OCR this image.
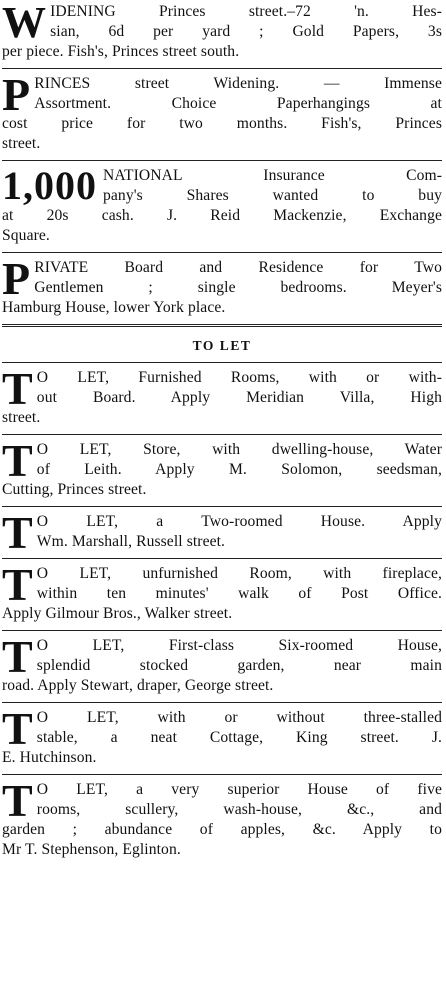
W IDENING Princes street.–72 'n. Hes-
sian, 6d per yard ; Gold Papers, 3s
per piece. Fish's, Princes street south.
P RINCES street Widening. — Immense
Assortment. Choice Paperhangings at
cost price for two months. Fish's, Princes
street.
1,000 NATIONAL Insurance Com-
pany's Shares wanted to buy
at 20s cash. J. Reid Mackenzie, Exchange
Square.
P RIVATE Board and Residence for Two
Gentlemen ; single bedrooms. Meyer's
Hamburg House, lower York place.
TO LET
T O LET, Furnished Rooms, with or with-
out Board. Apply Meridian Villa, High
street.
T O LET, Store, with dwelling-house, Water
of Leith. Apply M. Solomon, seedsman,
Cutting, Princes street.
T O LET, a Two-roomed House. Apply
Wm. Marshall, Russell street.
T O LET, unfurnished Room, with fireplace,
within ten minutes' walk of Post Office.
Apply Gilmour Bros., Walker street.
T O LET, First-class Six-roomed House,
splendid stocked garden, near main
road. Apply Stewart, draper, George street.
T O LET, with or without three-stalled
stable, a neat Cottage, King street. J.
E. Hutchinson.
T O LET, a very superior House of five
rooms, scullery, wash-house, &c., and
garden ; abundance of apples, &c. Apply to
Mr T. Stephenson, Eglinton.
